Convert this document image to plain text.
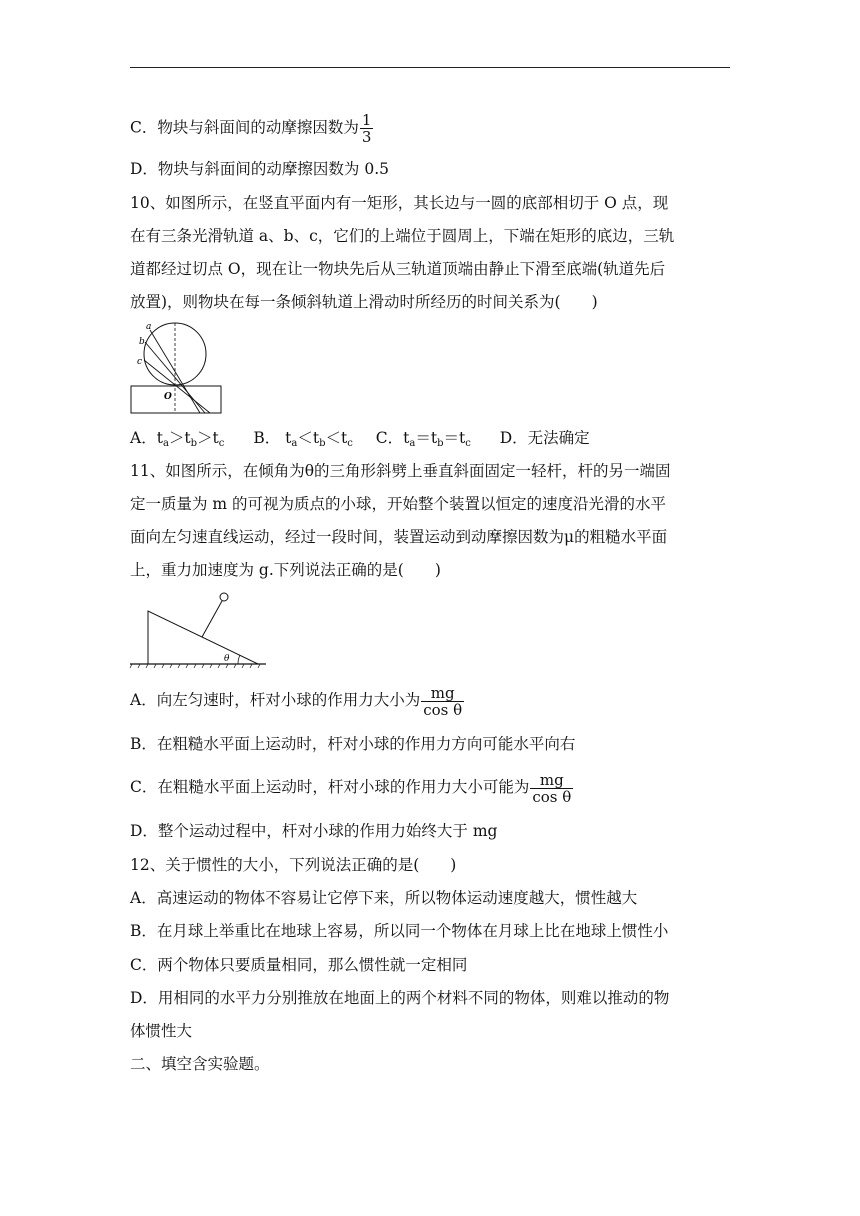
C．物块与斜面间的动摩擦因数为 $\frac{1}{3}$
D．物块与斜面间的动摩擦因数为 0.5
10、如图所示，在竖直平面内有一矩形，其长边与一圆的底部相切于 O 点，现
在有三条光滑轨道 a、b、c，它们的上端位于圆周上，下端在矩形的底边，三轨
道都经过切点 O，现在让一物块先后从三轨道顶端由静止下滑至底端(轨道先后
放置)，则物块在每一条倾斜轨道上滑动时所经历的时间关系为(　　)
a
b
c
O
A．$t_a>t_b>t_c$ B． $t_a<t_b<t_c$ C．$t_a=t_b=t_c$ D．无法确定
11、如图所示，在倾角为θ的三角形斜劈上垂直斜面固定一轻杆，杆的另一端固
定一质量为 m 的可视为质点的小球，开始整个装置以恒定的速度沿光滑的水平
面向左匀速直线运动，经过一段时间，装置运动到动摩擦因数为μ的粗糙水平面
上，重力加速度为 g.下列说法正确的是(　　)
θ
A．向左匀速时，杆对小球的作用力大小为 $\frac{mg}{\text{cos θ}}$
B．在粗糙水平面上运动时，杆对小球的作用力方向可能水平向右
C．在粗糙水平面上运动时，杆对小球的作用力大小可能为 $\frac{mg}{\text{cos θ}}$
D．整个运动过程中，杆对小球的作用力始终大于 mg
12、关于惯性的大小，下列说法正确的是(　　)
A．高速运动的物体不容易让它停下来，所以物体运动速度越大，惯性越大
B．在月球上举重比在地球上容易，所以同一个物体在月球上比在地球上惯性小
C．两个物体只要质量相同，那么惯性就一定相同
D．用相同的水平力分别推放在地面上的两个材料不同的物体，则难以推动的物
体惯性大
二、填空含实验题。
